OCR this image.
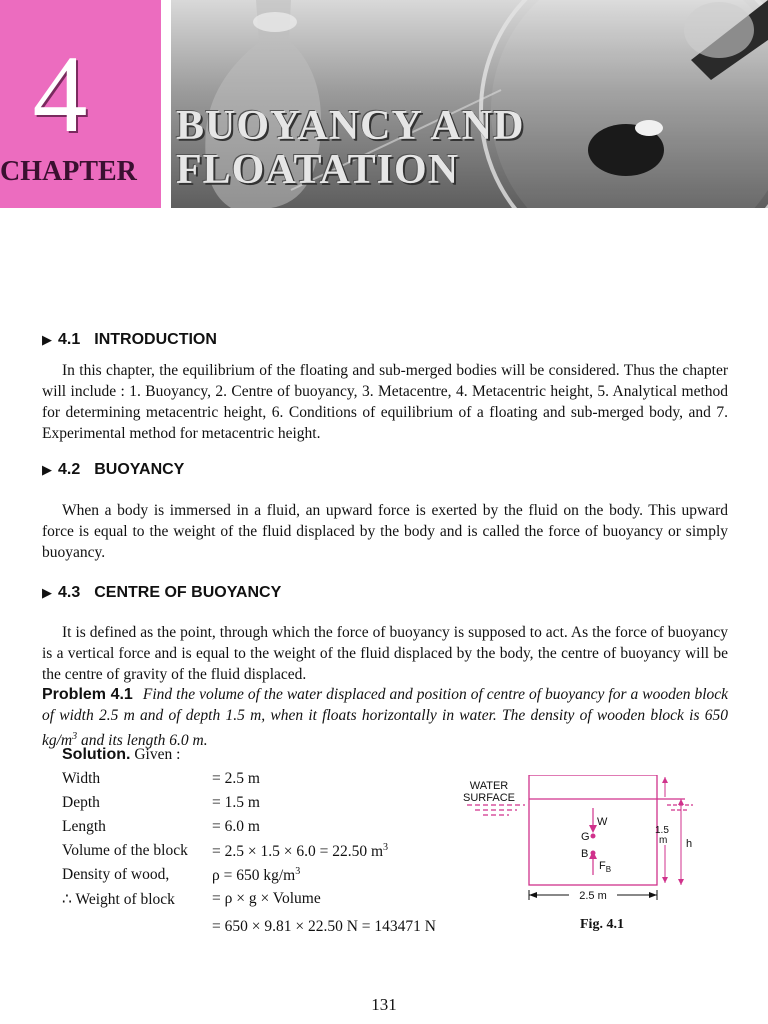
4
CHAPTER
BUOYANCY AND
FLOATATION
▶ 4.1 INTRODUCTION
In this chapter, the equilibrium of the floating and sub-merged bodies will be considered. Thus the chapter will include : 1. Buoyancy, 2. Centre of buoyancy, 3. Metacentre, 4. Metacentric height, 5. Analytical method for determining metacentric height, 6. Conditions of equilibrium of a floating and sub-merged body, and 7. Experimental method for metacentric height.
▶ 4.2 BUOYANCY
When a body is immersed in a fluid, an upward force is exerted by the fluid on the body. This upward force is equal to the weight of the fluid displaced by the body and is called the force of buoyancy or simply buoyancy.
▶ 4.3 CENTRE OF BUOYANCY
It is defined as the point, through which the force of buoyancy is supposed to act. As the force of buoyancy is a vertical force and is equal to the weight of the fluid displaced by the body, the centre of buoyancy will be the centre of gravity of the fluid displaced.
Problem 4.1 Find the volume of the water displaced and position of centre of buoyancy for a wooden block of width 2.5 m and of depth 1.5 m, when it floats horizontally in water. The density of wooden block is 650 $kg/m^3$ and its length 6.0 m.
Solution. Given :
Width	= 2.5 m
Depth	= 1.5 m
Length	= 6.0 m
Volume of the block = 2.5 × 1.5 × 6.0 = 22.50 $m^3$
Density of wood,	ρ = 650 $kg/m^3$
∴ Weight of block = ρ × g × Volume
= 650 × 9.81 × 22.50 N = 143471 N
WATER
SURFACE
W
G
B
$F_B$
1.5
m h
2.5 m
Fig. 4.1
131
